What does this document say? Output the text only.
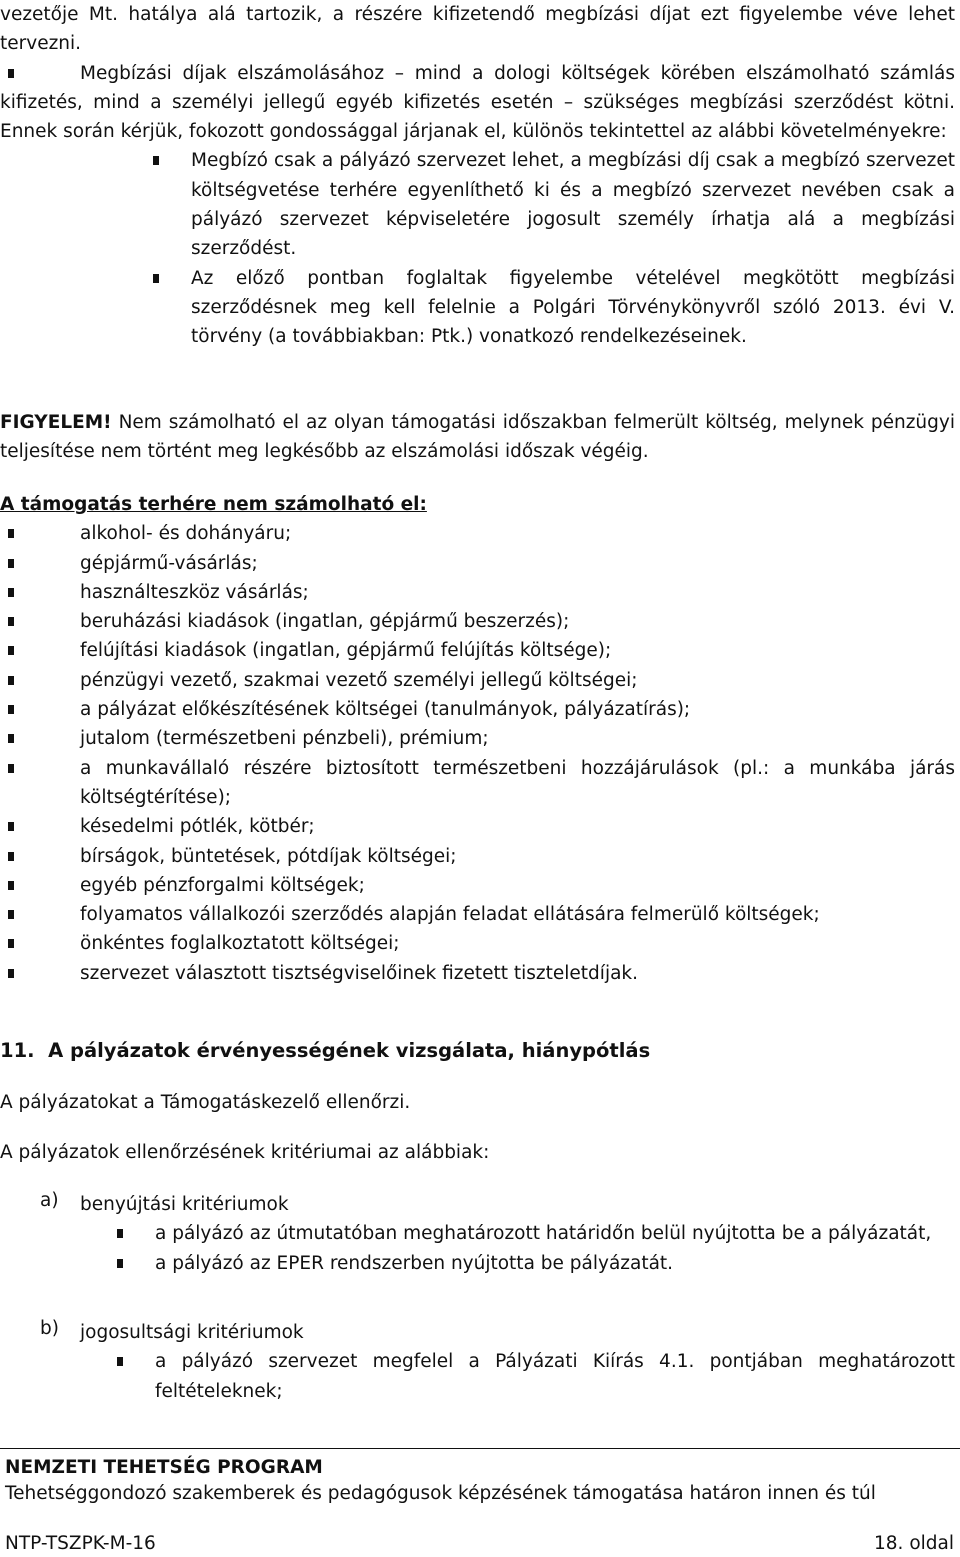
vezetője Mt. hatálya alá tartozik, a részére kifizetendő megbízási díjat ezt figyelembe véve lehet tervezni.

Megbízási díjak elszámolásához – mind a dologi költségek körében elszámolható számlás kifizetés, mind a személyi jellegű egyéb kifizetés esetén – szükséges megbízási szerződést kötni. Ennek során kérjük, fokozott gondossággal járjanak el, különös tekintettel az alábbi követelményekre:

Megbízó csak a pályázó szervezet lehet, a megbízási díj csak a megbízó szervezet költségvetése terhére egyenlíthető ki és a megbízó szervezet nevében csak a pályázó szervezet képviseletére jogosult személy írhatja alá a megbízási szerződést.

Az előző pontban foglaltak figyelembe vételével megkötött megbízási szerződésnek meg kell felelnie a Polgári Törvénykönyvről szóló 2013. évi V. törvény (a továbbiakban: Ptk.) vonatkozó rendelkezéseinek.

FIGYELEM! Nem számolható el az olyan támogatási időszakban felmerült költség, melynek pénzügyi teljesítése nem történt meg legkésőbb az elszámolási időszak végéig.

A támogatás terhére nem számolható el:

alkohol- és dohányáru;

gépjármű-vásárlás;

használteszköz vásárlás;

beruházási kiadások (ingatlan, gépjármű beszerzés);

felújítási kiadások (ingatlan, gépjármű felújítás költsége);

pénzügyi vezető, szakmai vezető személyi jellegű költségei;

a pályázat előkészítésének költségei (tanulmányok, pályázatírás);

jutalom (természetbeni pénzbeli), prémium;

a munkavállaló részére biztosított természetbeni hozzájárulások (pl.: a munkába járás költségtérítése);

késedelmi pótlék, kötbér;

bírságok, büntetések, pótdíjak költségei;

egyéb pénzforgalmi költségek;

folyamatos vállalkozói szerződés alapján feladat ellátására felmerülő költségek;

önkéntes foglalkoztatott költségei;

szervezet választott tisztségviselőinek fizetett tiszteletdíjak.

11. A pályázatok érvényességének vizsgálata, hiánypótlás

A pályázatokat a Támogatáskezelő ellenőrzi.

A pályázatok ellenőrzésének kritériumai az alábbiak:

a) benyújtási kritériumok

a pályázó az útmutatóban meghatározott határidőn belül nyújtotta be a pályázatát,

a pályázó az EPER rendszerben nyújtotta be pályázatát.

b) jogosultsági kritériumok

a pályázó szervezet megfelel a Pályázati Kiírás 4.1. pontjában meghatározott feltételeknek;

NEMZETI TEHETSÉG PROGRAM

Tehetséggondozó szakemberek és pedagógusok képzésének támogatása határon innen és túl

NTP-TSZPK-M-16	18. oldal
